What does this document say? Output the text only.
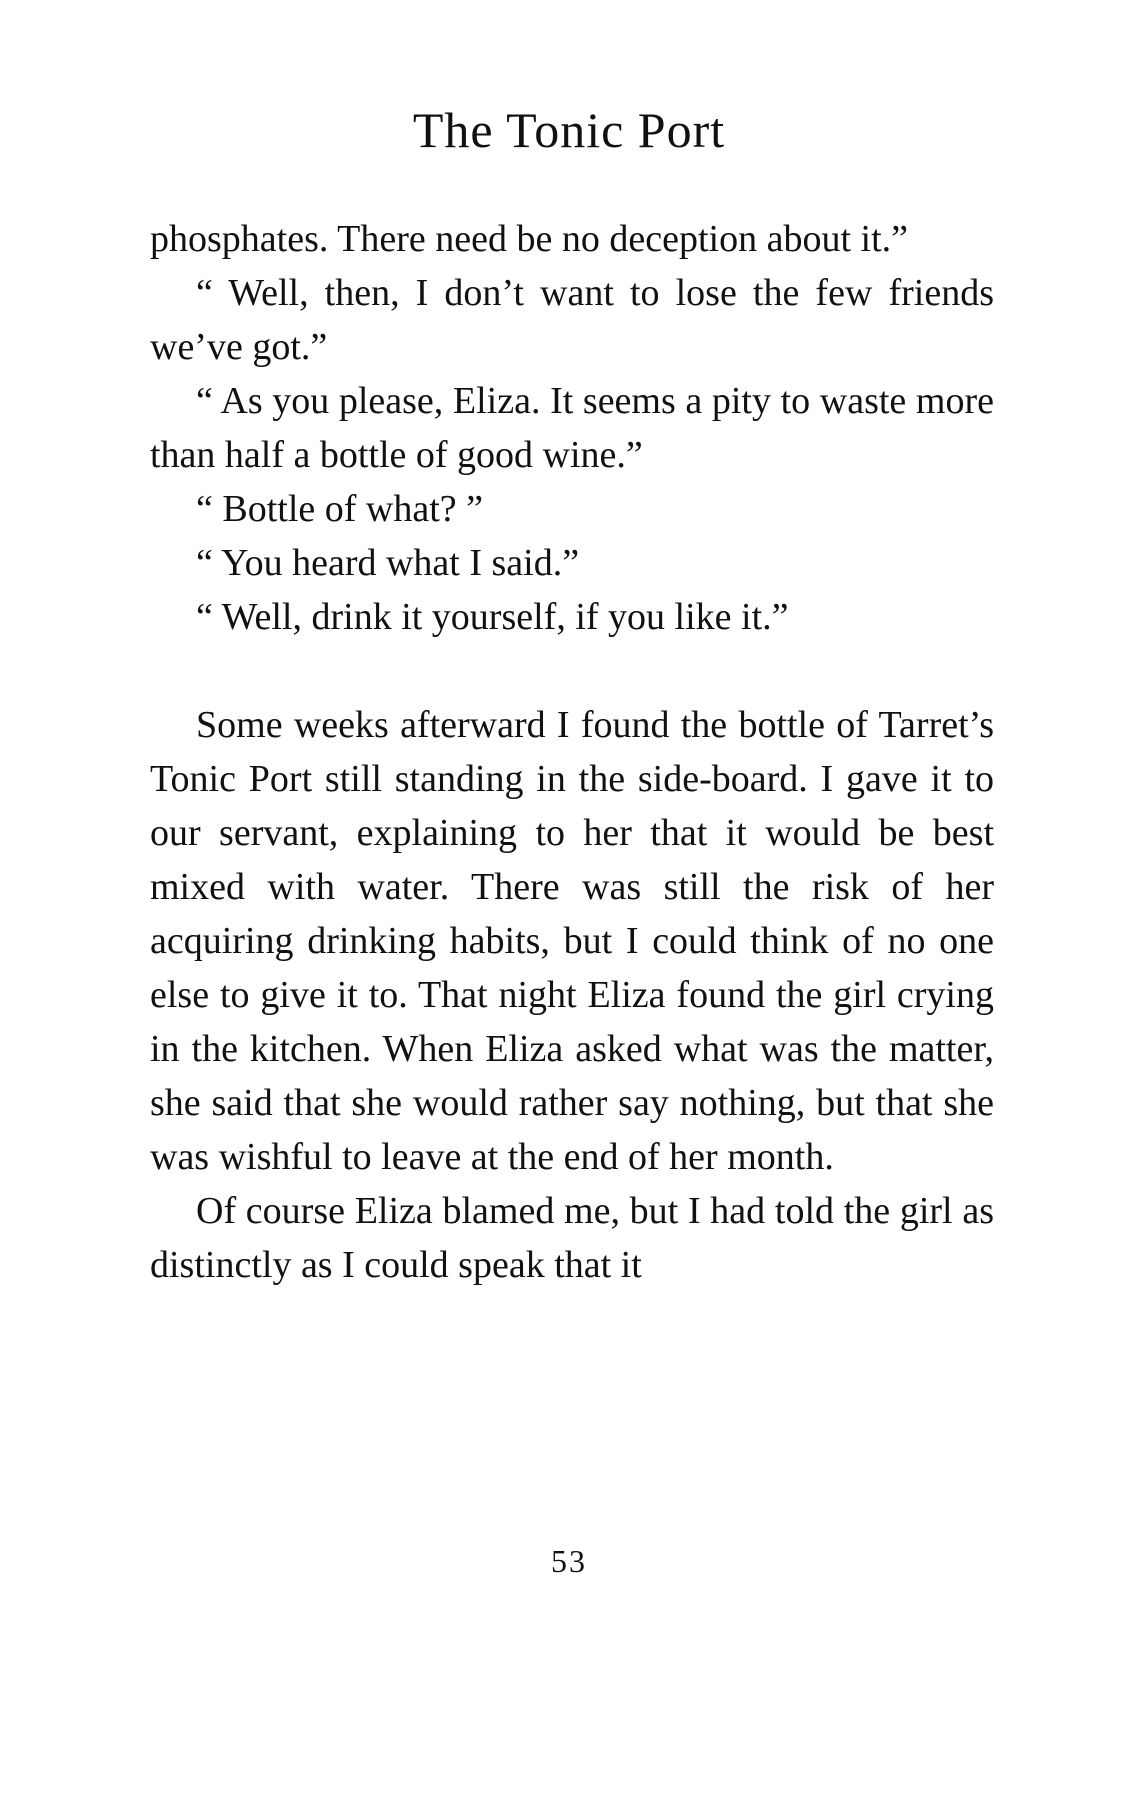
The Tonic Port

phosphates. There need be no deception about it.”

“ Well, then, I don’t want to lose the few friends we’ve got.”

“ As you please, Eliza. It seems a pity to waste more than half a bottle of good wine.”

“ Bottle of what? ”

“ You heard what I said.”

“ Well, drink it yourself, if you like it.”

Some weeks afterward I found the bottle of Tarret’s Tonic Port still standing in the side-board. I gave it to our servant, explaining to her that it would be best mixed with water. There was still the risk of her acquiring drinking habits, but I could think of no one else to give it to. That night Eliza found the girl crying in the kitchen. When Eliza asked what was the matter, she said that she would rather say nothing, but that she was wishful to leave at the end of her month.

Of course Eliza blamed me, but I had told the girl as distinctly as I could speak that it

53
